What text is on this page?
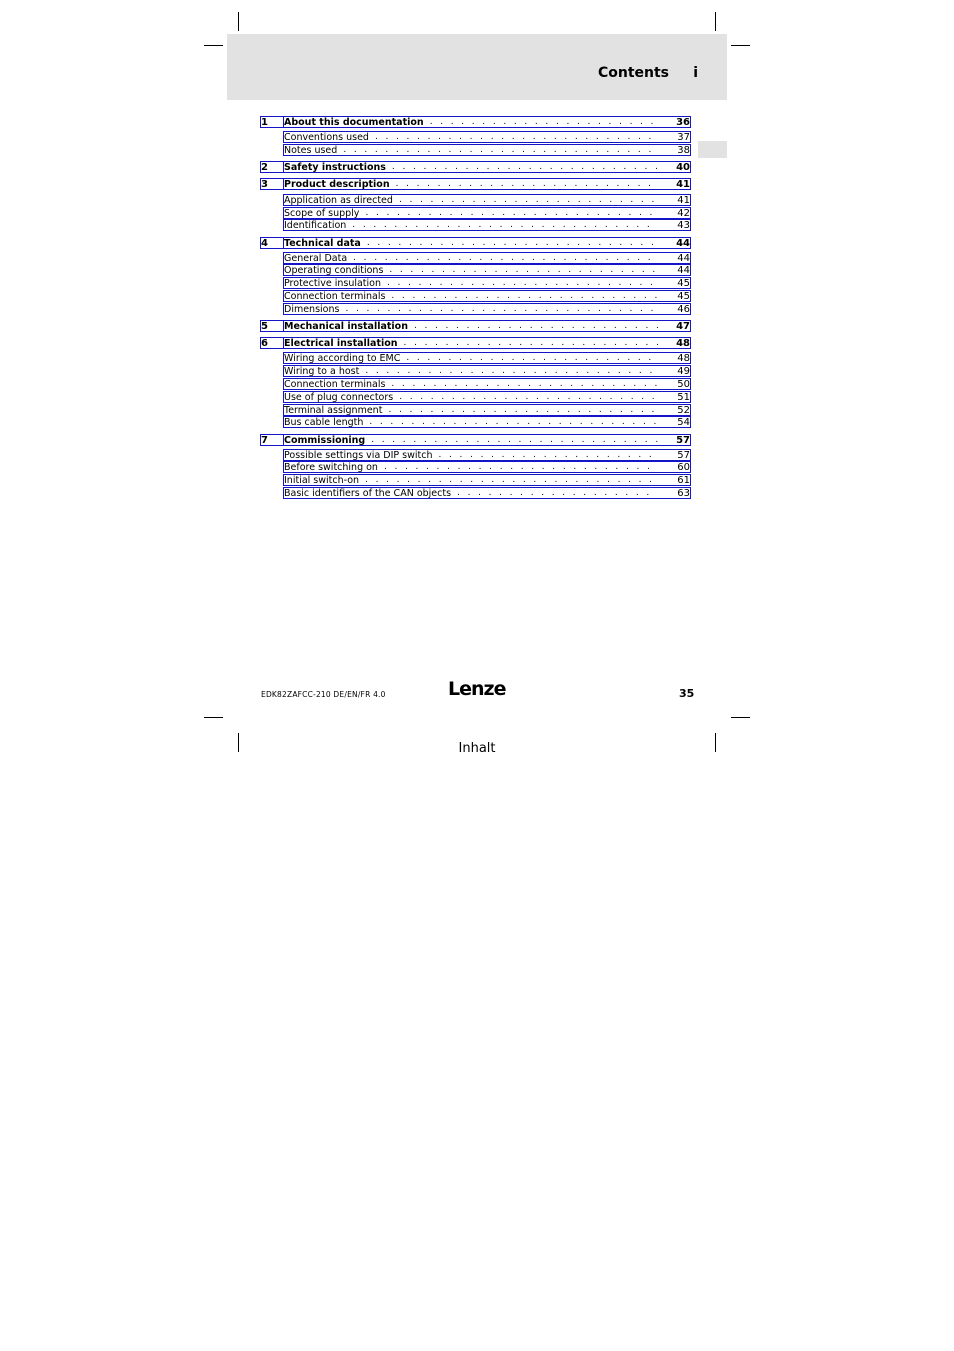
Contents i
1 About this documentation . . . . . . . . . . . . . . . . . . . . . .	36
Conventions used . . . . . . . . . . . . . . . . . . . . . . . . . . .	37
Notes used . . . . . . . . . . . . . . . . . . . . . . . . . . . . . .	38
2 Safety instructions . . . . . . . . . . . . . . . . . . . . . . . . . .	40
3 Product description . . . . . . . . . . . . . . . . . . . . . . . . .	41
Application as directed . . . . . . . . . . . . . . . . . . . . . . . . .	41
Scope of supply . . . . . . . . . . . . . . . . . . . . . . . . . . . .	42
Identification . . . . . . . . . . . . . . . . . . . . . . . . . . . . .	43
4 Technical data . . . . . . . . . . . . . . . . . . . . . . . . . . . .	44
General Data . . . . . . . . . . . . . . . . . . . . . . . . . . . . .	44
Operating conditions . . . . . . . . . . . . . . . . . . . . . . . . . .	44
Protective insulation . . . . . . . . . . . . . . . . . . . . . . . . . .	45
Connection terminals . . . . . . . . . . . . . . . . . . . . . . . . . .	45
Dimensions . . . . . . . . . . . . . . . . . . . . . . . . . . . . . .	46
5 Mechanical installation . . . . . . . . . . . . . . . . . . . . . . . .	47
6 Electrical installation . . . . . . . . . . . . . . . . . . . . . . . . .	48
Wiring according to EMC . . . . . . . . . . . . . . . . . . . . . . . .	48
Wiring to a host . . . . . . . . . . . . . . . . . . . . . . . . . . . .	49
Connection terminals . . . . . . . . . . . . . . . . . . . . . . . . . .	50
Use of plug connectors . . . . . . . . . . . . . . . . . . . . . . . . .	51
Terminal assignment . . . . . . . . . . . . . . . . . . . . . . . . . .	52
Bus cable length . . . . . . . . . . . . . . . . . . . . . . . . . . . .	54
7 Commissioning . . . . . . . . . . . . . . . . . . . . . . . . . . . .	57
Possible settings via DIP switch . . . . . . . . . . . . . . . . . . . . .	57
Before switching on . . . . . . . . . . . . . . . . . . . . . . . . . .	60
Initial switch-on . . . . . . . . . . . . . . . . . . . . . . . . . . . .	61
Basic identifiers of the CAN objects . . . . . . . . . . . . . . . . . . .	63
EDK82ZAFCC-210 DE/EN/FR 4.0	Lenze	35
Inhalt
